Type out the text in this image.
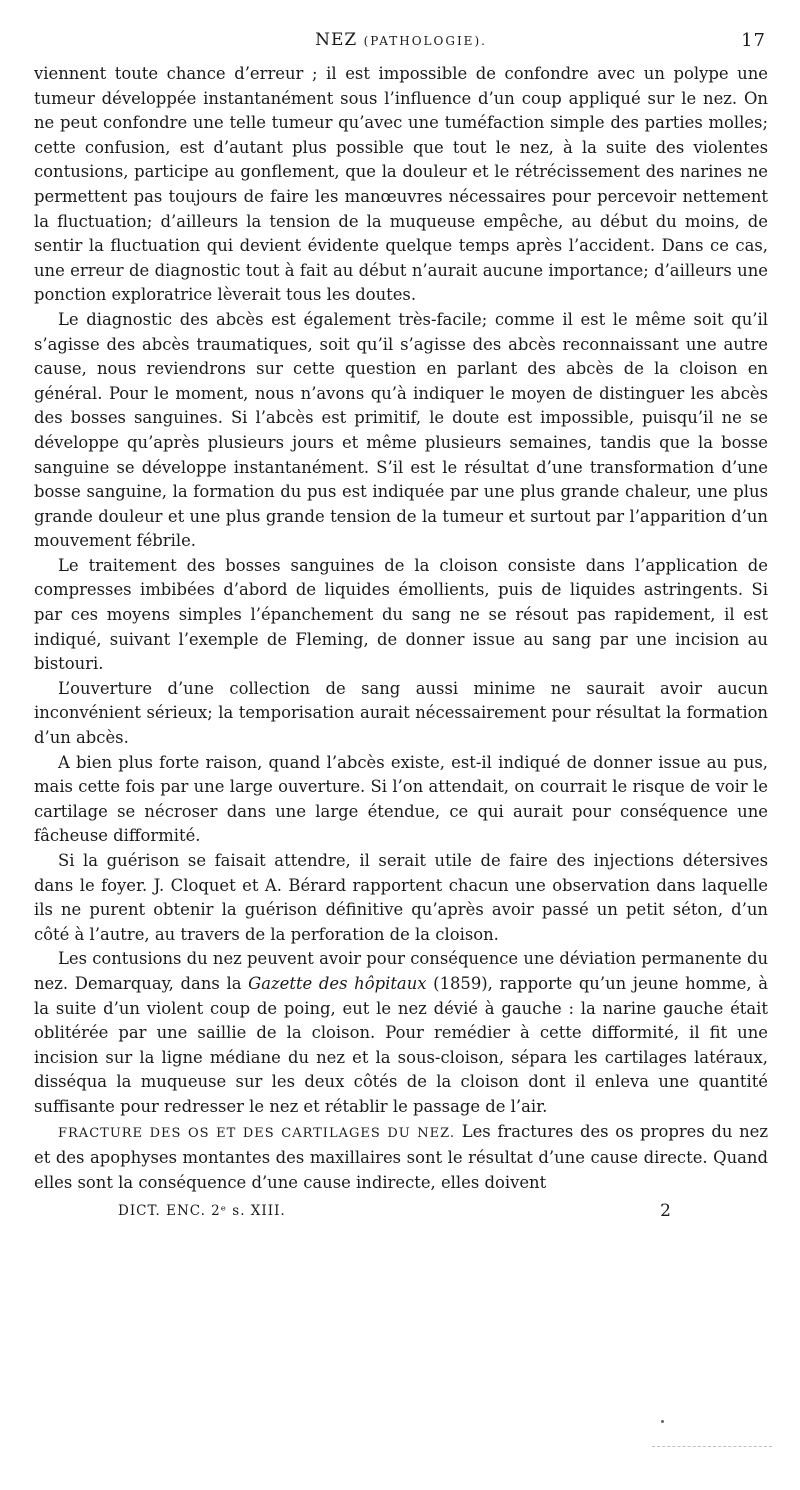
NEZ (PATHOLOGIE).	17

viennent toute chance d’erreur ; il est impossible de confondre avec un polype une tumeur développée instantanément sous l’influence d’un coup appliqué sur le nez. On ne peut confondre une telle tumeur qu’avec une tuméfaction simple des parties molles; cette confusion, est d’autant plus possible que tout le nez, à la suite des violentes contusions, participe au gonflement, que la douleur et le rétrécissement des narines ne permettent pas toujours de faire les manœuvres nécessaires pour percevoir nettement la fluctuation; d’ailleurs la tension de la muqueuse empêche, au début du moins, de sentir la fluctuation qui devient évidente quelque temps après l’accident. Dans ce cas, une erreur de diagnostic tout à fait au début n’aurait aucune importance; d’ailleurs une ponction exploratrice lèverait tous les doutes.

Le diagnostic des abcès est également très-facile; comme il est le même soit qu’il s’agisse des abcès traumatiques, soit qu’il s’agisse des abcès reconnaissant une autre cause, nous reviendrons sur cette question en parlant des abcès de la cloison en général. Pour le moment, nous n’avons qu’à indiquer le moyen de distinguer les abcès des bosses sanguines. Si l’abcès est primitif, le doute est impossible, puisqu’il ne se développe qu’après plusieurs jours et même plusieurs semaines, tandis que la bosse sanguine se développe instantanément. S’il est le résultat d’une transformation d’une bosse sanguine, la formation du pus est indiquée par une plus grande chaleur, une plus grande douleur et une plus grande tension de la tumeur et surtout par l’apparition d’un mouvement fébrile.

Le traitement des bosses sanguines de la cloison consiste dans l’application de compresses imbibées d’abord de liquides émollients, puis de liquides astringents. Si par ces moyens simples l’épanchement du sang ne se résout pas rapidement, il est indiqué, suivant l’exemple de Fleming, de donner issue au sang par une incision au bistouri.

L’ouverture d’une collection de sang aussi minime ne saurait avoir aucun inconvénient sérieux; la temporisation aurait nécessairement pour résultat la formation d’un abcès.

A bien plus forte raison, quand l’abcès existe, est-il indiqué de donner issue au pus, mais cette fois par une large ouverture. Si l’on attendait, on courrait le risque de voir le cartilage se nécroser dans une large étendue, ce qui aurait pour conséquence une fâcheuse difformité.

Si la guérison se faisait attendre, il serait utile de faire des injections détersives dans le foyer. J. Cloquet et A. Bérard rapportent chacun une observation dans laquelle ils ne purent obtenir la guérison définitive qu’après avoir passé un petit séton, d’un côté à l’autre, au travers de la perforation de la cloison.

Les contusions du nez peuvent avoir pour conséquence une déviation permanente du nez. Demarquay, dans la Gazette des hôpitaux (1859), rapporte qu’un jeune homme, à la suite d’un violent coup de poing, eut le nez dévié à gauche : la narine gauche était oblitérée par une saillie de la cloison. Pour remédier à cette difformité, il fit une incision sur la ligne médiane du nez et la sous-cloison, sépara les cartilages latéraux, disséqua la muqueuse sur les deux côtés de la cloison dont il enleva une quantité suffisante pour redresser le nez et rétablir le passage de l’air.

FRACTURE DES OS ET DES CARTILAGES DU NEZ. Les fractures des os propres du nez et des apophyses montantes des maxillaires sont le résultat d’une cause directe. Quand elles sont la conséquence d’une cause indirecte, elles doivent

DICT. ENC. 2ᵉ s. XIII.	2
